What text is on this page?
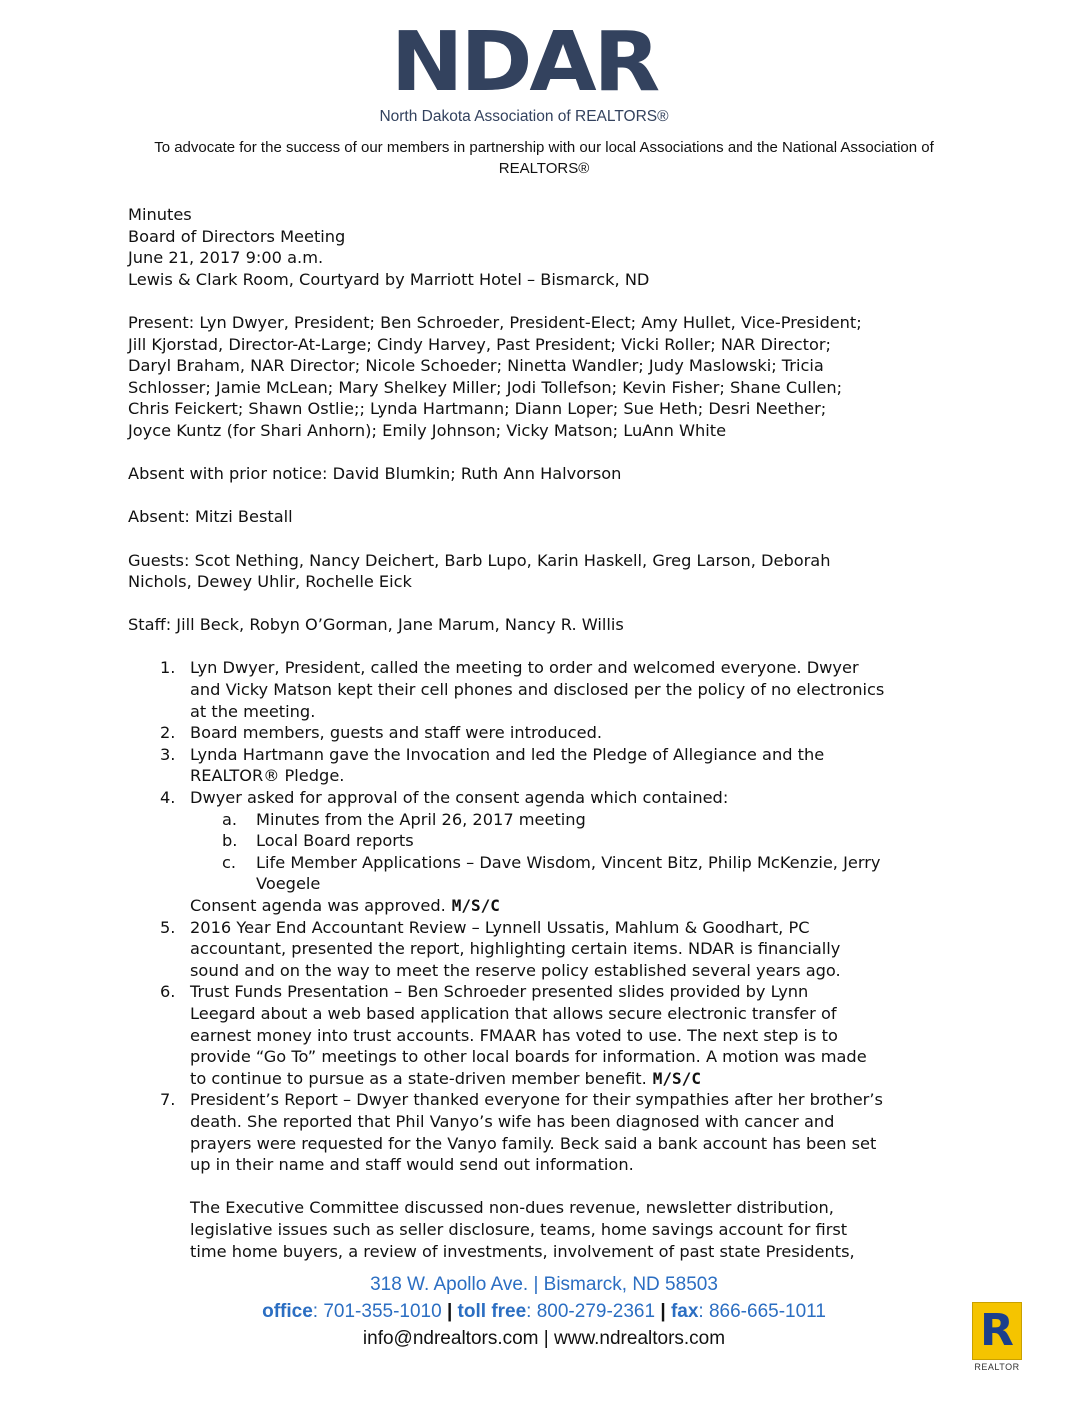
NDAR
North Dakota Association of REALTORS®
To advocate for the success of our members in partnership with our local Associations and the National Association of
REALTORS®
Minutes
Board of Directors Meeting
June 21, 2017 9:00 a.m.
Lewis & Clark Room, Courtyard by Marriott Hotel – Bismarck, ND
Present: Lyn Dwyer, President; Ben Schroeder, President-Elect; Amy Hullet, Vice-President;
Jill Kjorstad, Director-At-Large; Cindy Harvey, Past President; Vicki Roller; NAR Director;
Daryl Braham, NAR Director; Nicole Schoeder; Ninetta Wandler; Judy Maslowski; Tricia
Schlosser; Jamie McLean; Mary Shelkey Miller; Jodi Tollefson; Kevin Fisher; Shane Cullen;
Chris Feickert; Shawn Ostlie;; Lynda Hartmann; Diann Loper; Sue Heth; Desri Neether;
Joyce Kuntz (for Shari Anhorn); Emily Johnson; Vicky Matson; LuAnn White
Absent with prior notice: David Blumkin; Ruth Ann Halvorson
Absent: Mitzi Bestall
Guests: Scot Nething, Nancy Deichert, Barb Lupo, Karin Haskell, Greg Larson, Deborah
Nichols, Dewey Uhlir, Rochelle Eick
Staff: Jill Beck, Robyn O’Gorman, Jane Marum, Nancy R. Willis
1. Lyn Dwyer, President, called the meeting to order and welcomed everyone. Dwyer
and Vicky Matson kept their cell phones and disclosed per the policy of no electronics
at the meeting.
2. Board members, guests and staff were introduced.
3. Lynda Hartmann gave the Invocation and led the Pledge of Allegiance and the
REALTOR® Pledge.
4. Dwyer asked for approval of the consent agenda which contained:
a. Minutes from the April 26, 2017 meeting
b. Local Board reports
c. Life Member Applications – Dave Wisdom, Vincent Bitz, Philip McKenzie, Jerry
Voegele
Consent agenda was approved. M/S/C
5. 2016 Year End Accountant Review – Lynnell Ussatis, Mahlum & Goodhart, PC
accountant, presented the report, highlighting certain items. NDAR is financially
sound and on the way to meet the reserve policy established several years ago.
6. Trust Funds Presentation – Ben Schroeder presented slides provided by Lynn
Leegard about a web based application that allows secure electronic transfer of
earnest money into trust accounts. FMAAR has voted to use. The next step is to
provide “Go To” meetings to other local boards for information. A motion was made
to continue to pursue as a state-driven member benefit. M/S/C
7. President’s Report – Dwyer thanked everyone for their sympathies after her brother’s
death. She reported that Phil Vanyo’s wife has been diagnosed with cancer and
prayers were requested for the Vanyo family. Beck said a bank account has been set
up in their name and staff would send out information.
The Executive Committee discussed non-dues revenue, newsletter distribution,
legislative issues such as seller disclosure, teams, home savings account for first
time home buyers, a review of investments, involvement of past state Presidents,
318 W. Apollo Ave. | Bismarck, ND 58503
office: 701-355-1010 | toll free: 800-279-2361 | fax: 866-665-1011
info@ndrealtors.com | www.ndrealtors.com	R
REALTOR
